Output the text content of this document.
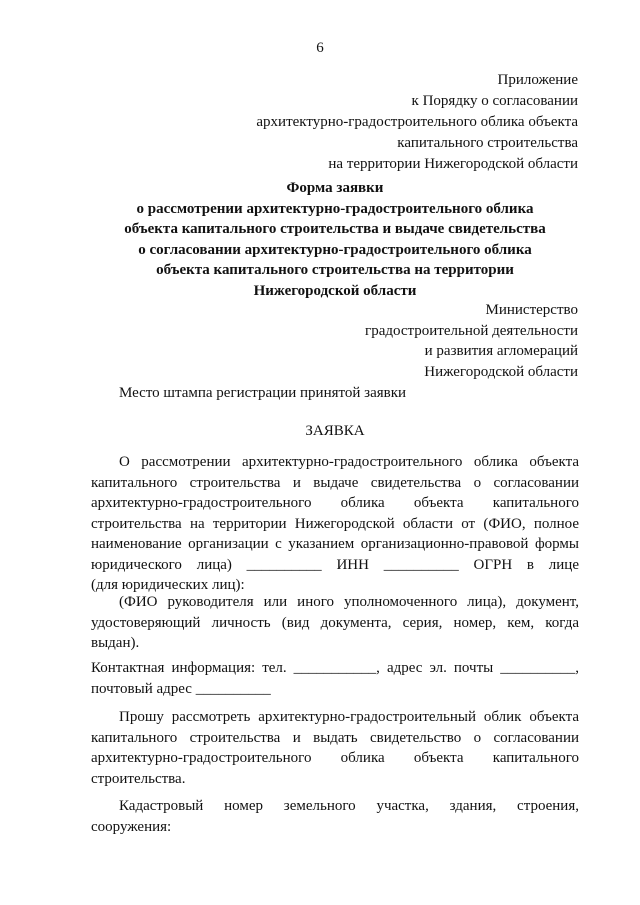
6
Приложение
к Порядку о согласовании
архитектурно-градостроительного облика объекта
капитального строительства
на территории Нижегородской области
Форма заявки
о рассмотрении архитектурно-градостроительного облика
объекта капитального строительства и выдаче свидетельства
о согласовании архитектурно-градостроительного облика
объекта капитального строительства на территории
Нижегородской области
Министерство
градостроительной деятельности
и развития агломераций
Нижегородской области
Место штампа регистрации принятой заявки
ЗАЯВКА
О рассмотрении архитектурно-градостроительного облика объекта
капитального строительства и выдаче свидетельства о согласовании
архитектурно-градостроительного облика объекта капитального
строительства на территории Нижегородской области от (ФИО, полное
наименование организации с указанием организационно-правовой формы
юридического лица) __________ ИНН __________ ОГРН в лице
(для юридических лиц):
(ФИО руководителя или иного уполномоченного лица), документ,
удостоверяющий личность (вид документа, серия, номер, кем, когда
выдан).
Контактная информация: тел. ___________, адрес эл. почты __________,
почтовый адрес __________
Прошу рассмотреть архитектурно-градостроительный облик объекта
капитального строительства и выдать свидетельство о согласовании
архитектурно-градостроительного облика объекта капитального
строительства.
Кадастровый номер земельного участка, здания, строения,
сооружения:
